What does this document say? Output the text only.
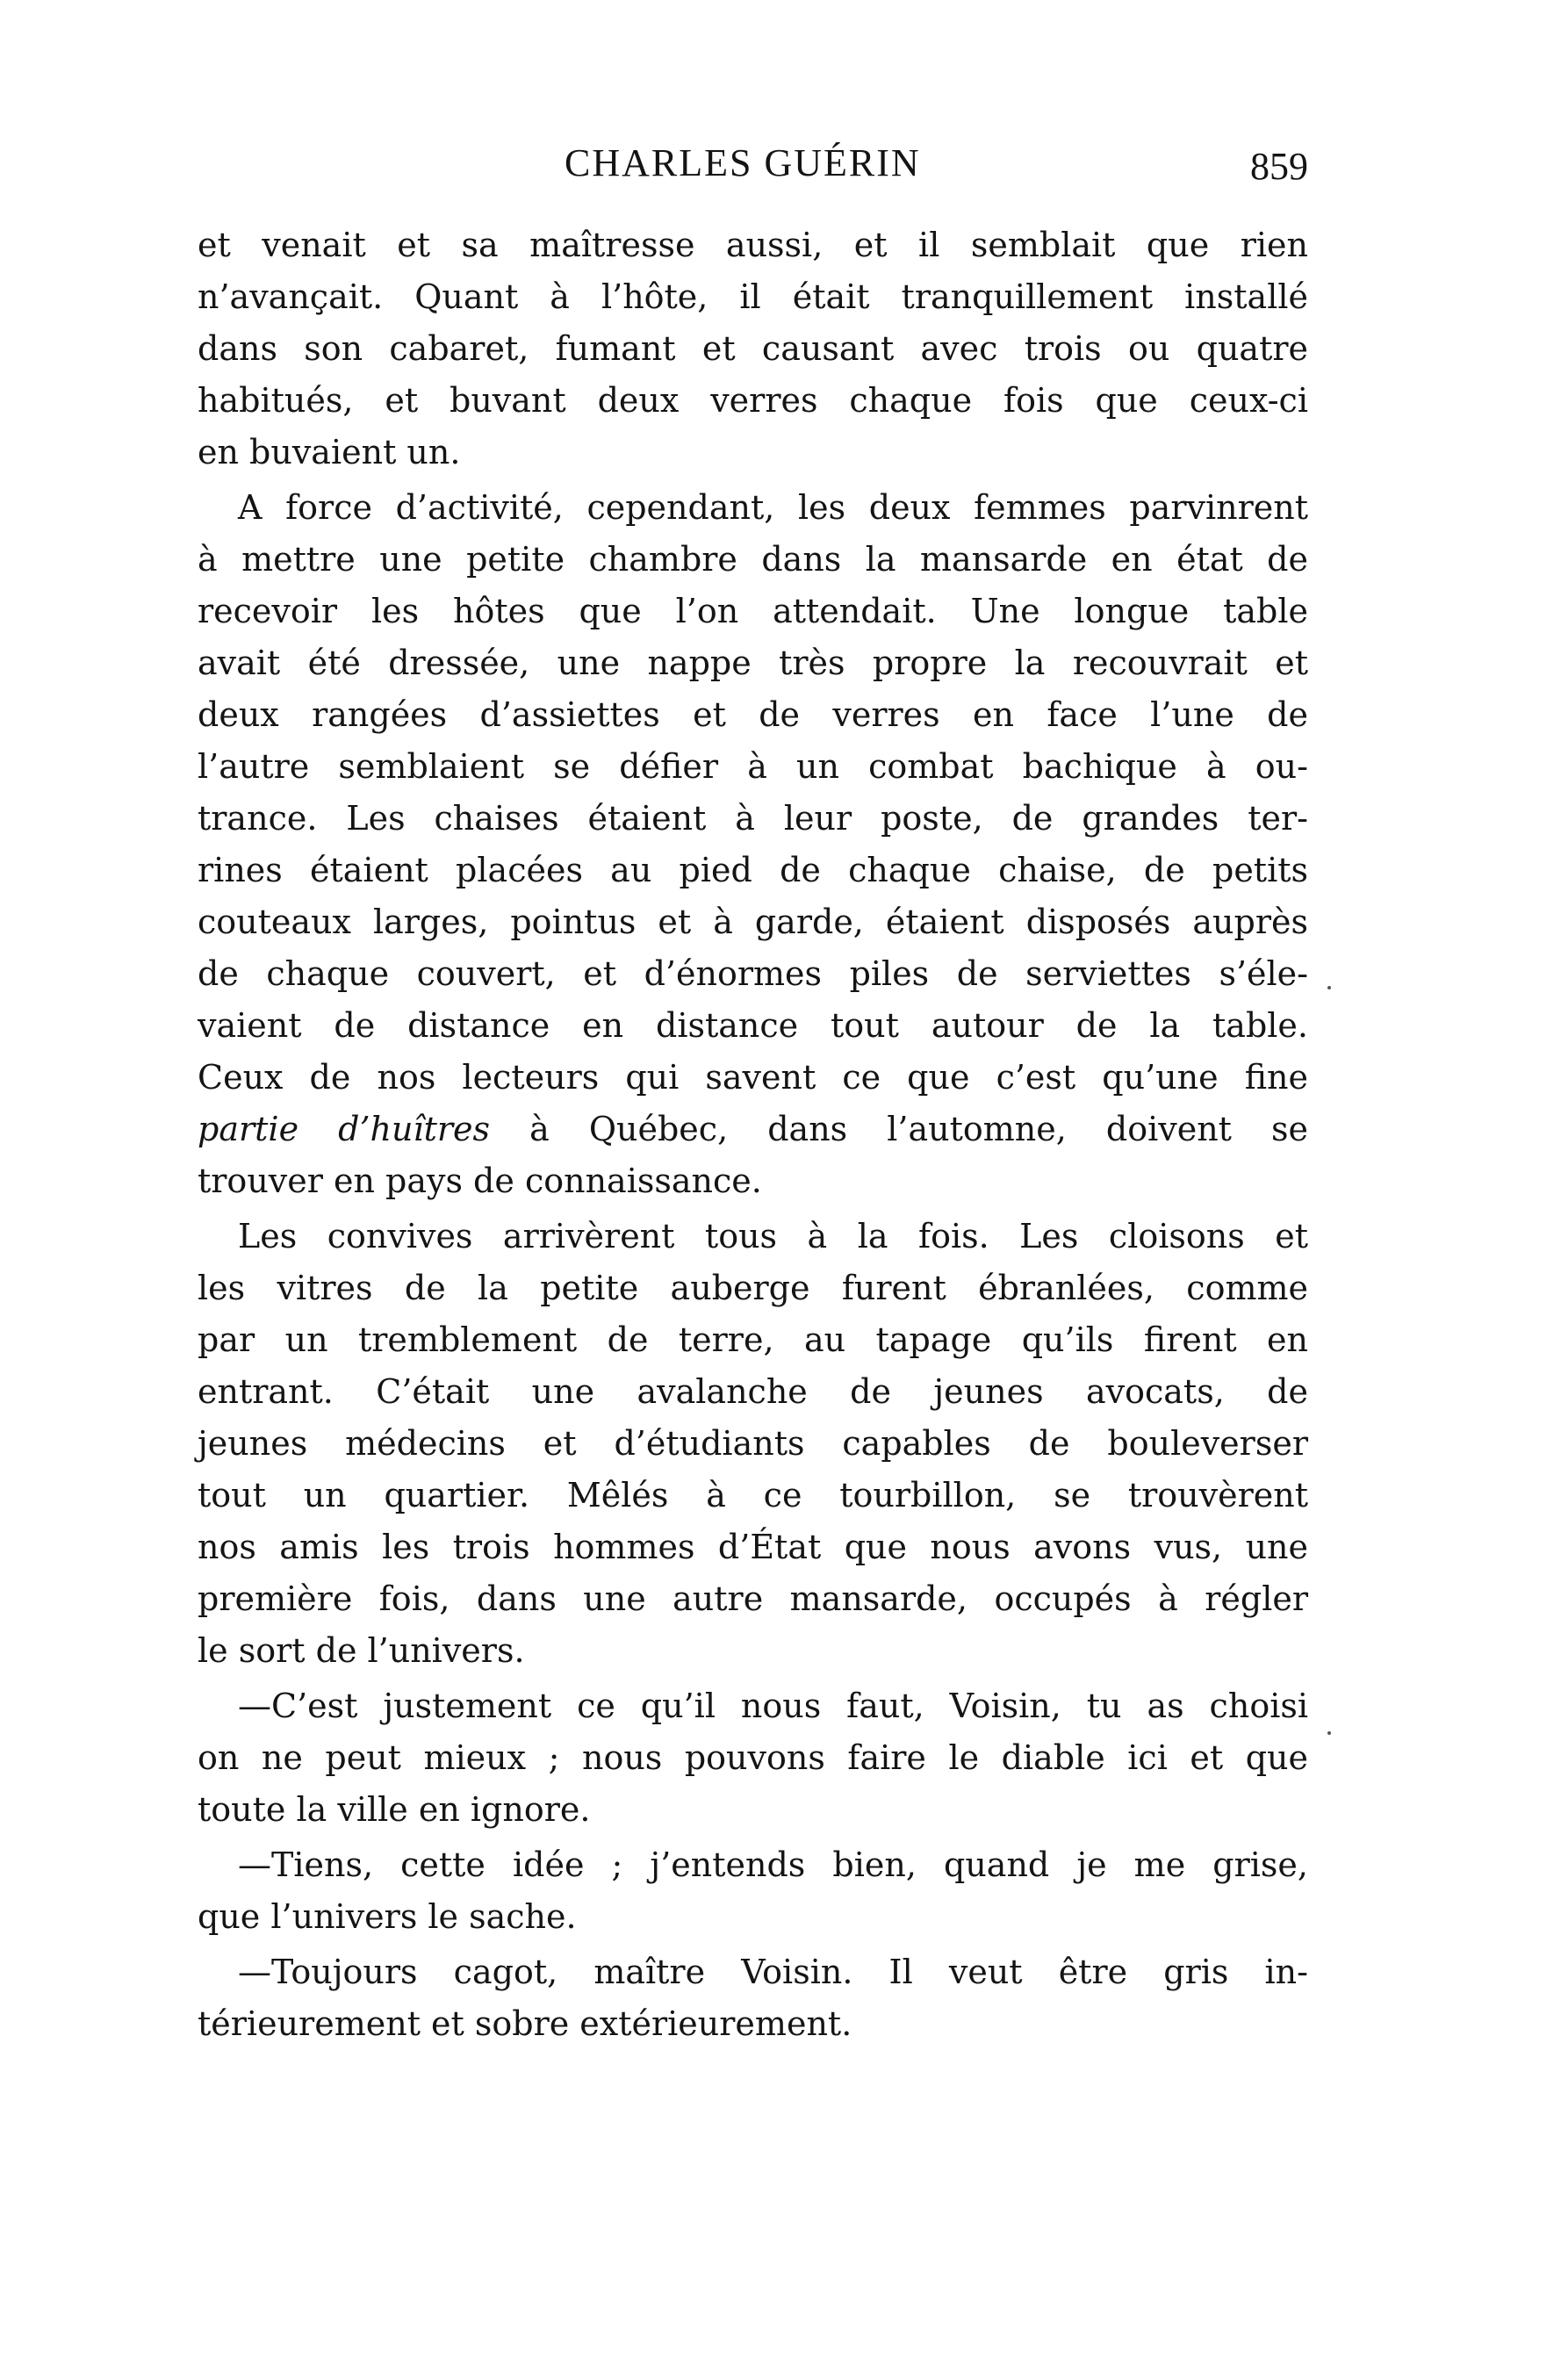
CHARLES GUÉRIN	859
et venait et sa maîtresse aussi, et il semblait que rien
n’avançait. Quant à l’hôte, il était tranquillement installé
dans son cabaret, fumant et causant avec trois ou quatre
habitués, et buvant deux verres chaque fois que ceux-ci
en buvaient un.
A force d’activité, cependant, les deux femmes parvinrent
à mettre une petite chambre dans la mansarde en état de
recevoir les hôtes que l’on attendait. Une longue table
avait été dressée, une nappe très propre la recouvrait et
deux rangées d’assiettes et de verres en face l’une de
l’autre semblaient se défier à un combat bachique à ou-
trance. Les chaises étaient à leur poste, de grandes ter-
rines étaient placées au pied de chaque chaise, de petits
couteaux larges, pointus et à garde, étaient disposés auprès
de chaque couvert, et d’énormes piles de serviettes s’éle-
vaient de distance en distance tout autour de la table.
Ceux de nos lecteurs qui savent ce que c’est qu’une fine
partie d’huîtres à Québec, dans l’automne, doivent se
trouver en pays de connaissance.
Les convives arrivèrent tous à la fois. Les cloisons et
les vitres de la petite auberge furent ébranlées, comme
par un tremblement de terre, au tapage qu’ils firent en
entrant. C’était une avalanche de jeunes avocats, de
jeunes médecins et d’étudiants capables de bouleverser
tout un quartier. Mêlés à ce tourbillon, se trouvèrent
nos amis les trois hommes d’État que nous avons vus, une
première fois, dans une autre mansarde, occupés à régler
le sort de l’univers.
—C’est justement ce qu’il nous faut, Voisin, tu as choisi
on ne peut mieux ; nous pouvons faire le diable ici et que
toute la ville en ignore.
—Tiens, cette idée ; j’entends bien, quand je me grise,
que l’univers le sache.
—Toujours cagot, maître Voisin. Il veut être gris in-
térieurement et sobre extérieurement.
